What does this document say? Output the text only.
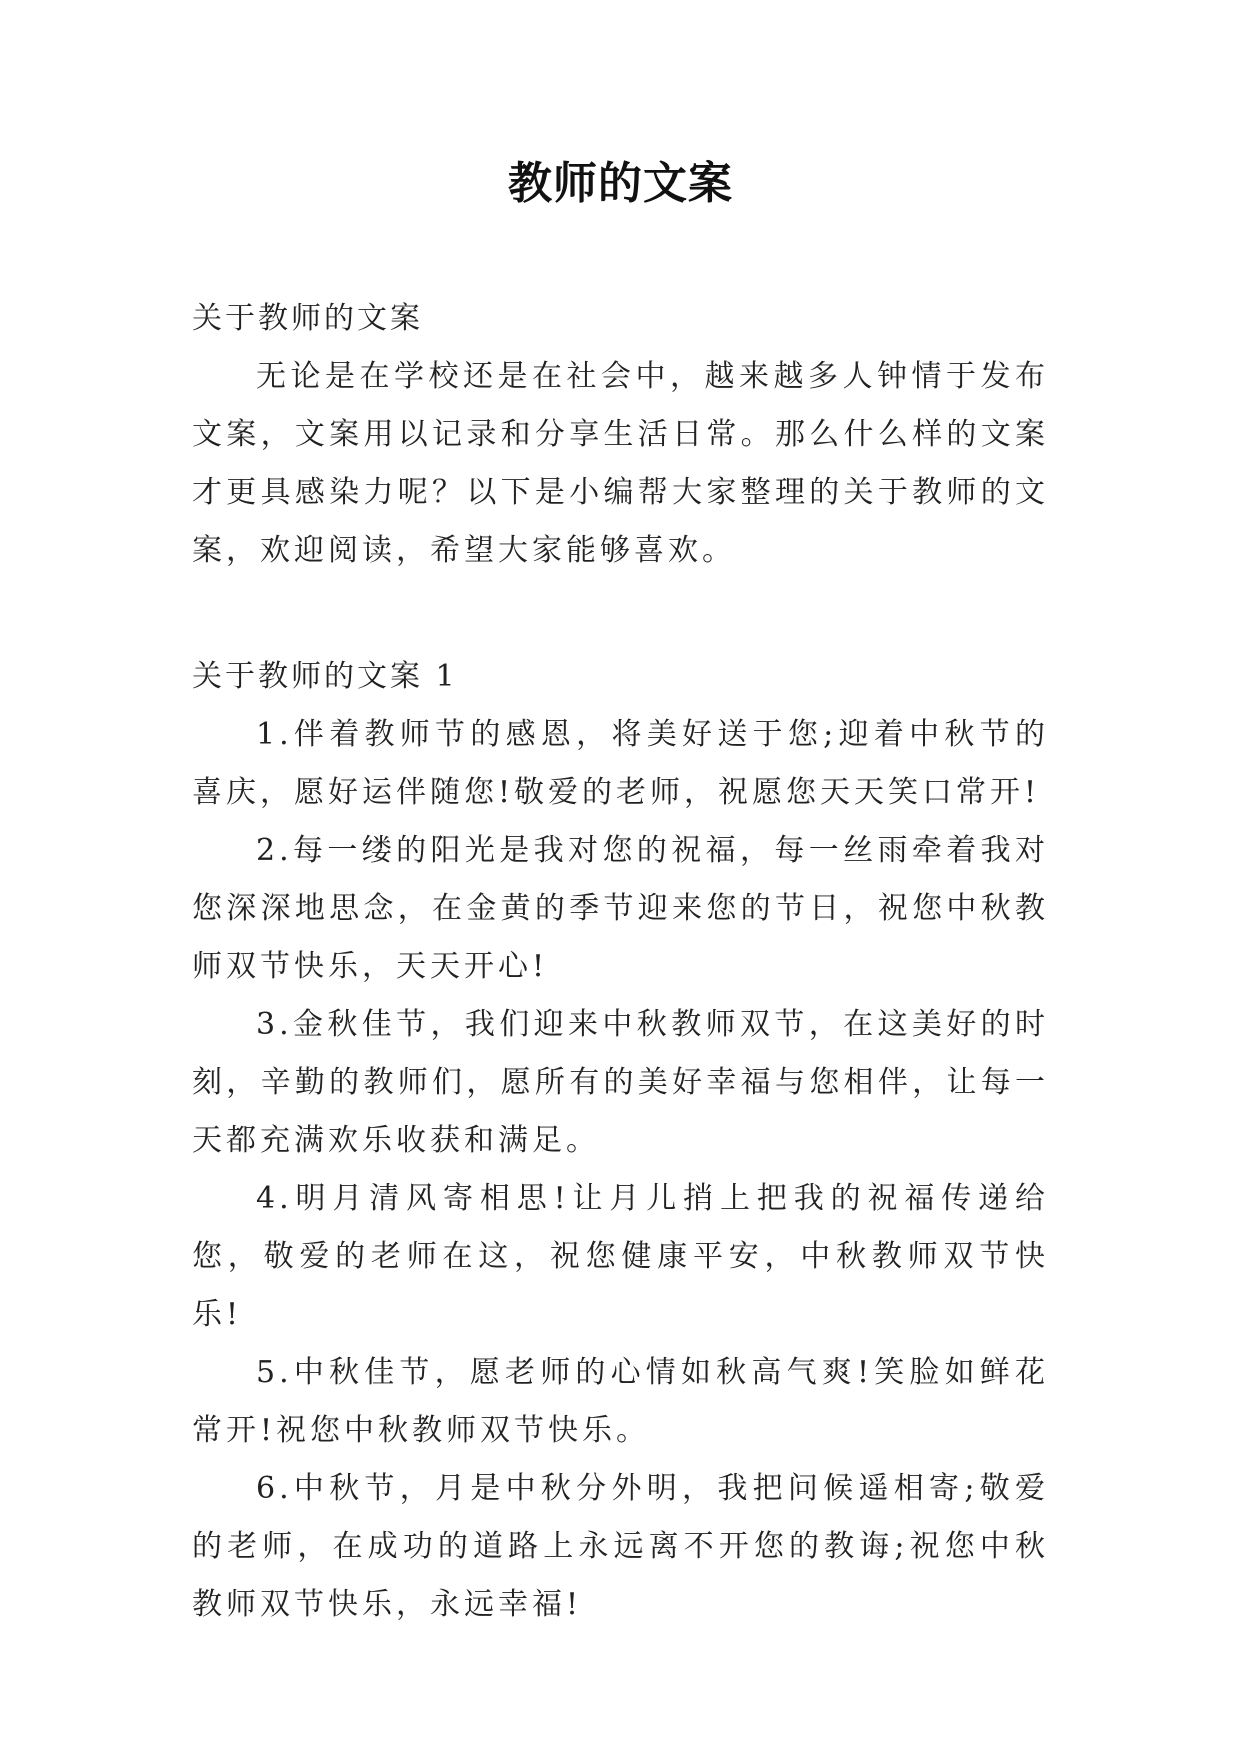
教师的文案

关于教师的文案

无论是在学校还是在社会中，越来越多人钟情于发布文案，文案用以记录和分享生活日常。那么什么样的文案才更具感染力呢？以下是小编帮大家整理的关于教师的文案，欢迎阅读，希望大家能够喜欢。

关于教师的文案 1

1.伴着教师节的感恩，将美好送于您;迎着中秋节的喜庆，愿好运伴随您!敬爱的老师，祝愿您天天笑口常开!

2.每一缕的阳光是我对您的祝福，每一丝雨牵着我对您深深地思念，在金黄的季节迎来您的节日，祝您中秋教师双节快乐，天天开心!

3.金秋佳节，我们迎来中秋教师双节，在这美好的时刻，辛勤的教师们，愿所有的美好幸福与您相伴，让每一天都充满欢乐收获和满足。

4.明月清风寄相思!让月儿捎上把我的祝福传递给您，敬爱的老师在这，祝您健康平安，中秋教师双节快乐!

5.中秋佳节，愿老师的心情如秋高气爽!笑脸如鲜花常开!祝您中秋教师双节快乐。

6.中秋节，月是中秋分外明，我把问候遥相寄;敬爱的老师，在成功的道路上永远离不开您的教诲;祝您中秋教师双节快乐，永远幸福!
